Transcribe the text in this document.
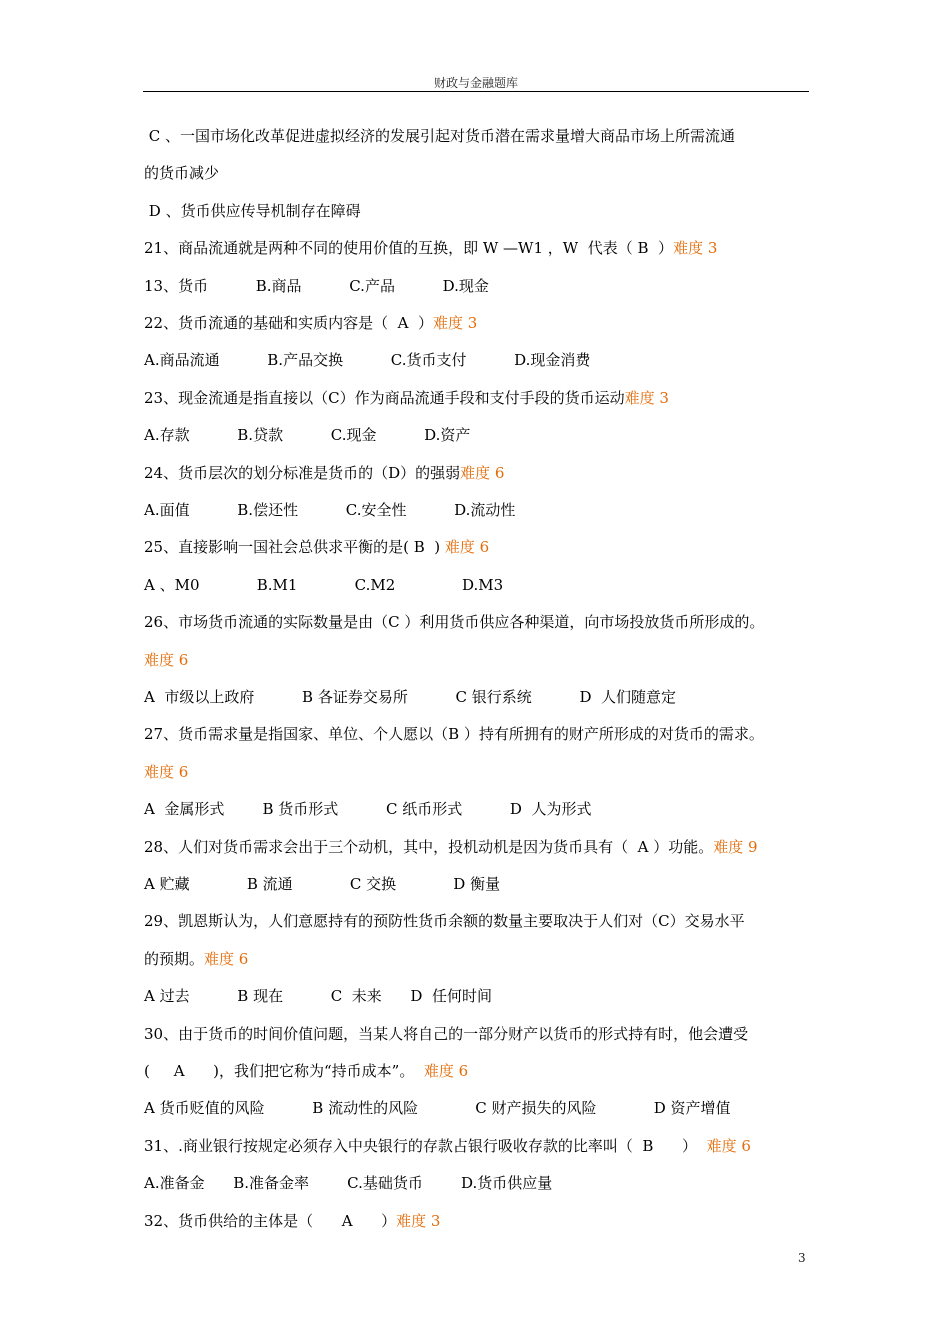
财政与金融题库
C 、一国市场化改革促进虚拟经济的发展引起对货币潜在需求量增大商品市场上所需流通
的货币减少
D 、货币供应传导机制存在障碍
21、商品流通就是两种不同的使用价值的互换，即 W —W1 ，W  代表（ B  ）难度 3
13、货币          B.商品          C.产品          D.现金
22、货币流通的基础和实质内容是（  A  ）难度 3
A.商品流通          B.产品交换          C.货币支付          D.现金消费
23、现金流通是指直接以（C）作为商品流通手段和支付手段的货币运动难度 3
A.存款          B.贷款          C.现金          D.资产
24、货币层次的划分标准是货币的（D）的强弱难度 6
A.面值          B.偿还性          C.安全性          D.流动性
25、直接影响一国社会总供求平衡的是( B  ) 难度 6
A 、M0            B.M1            C.M2              D.M3
26、市场货币流通的实际数量是由（C ）利用货币供应各种渠道，向市场投放货币所形成的。
难度 6
A  市级以上政府          B 各证券交易所          C 银行系统          D  人们随意定
27、货币需求量是指国家、单位、个人愿以（B ）持有所拥有的财产所形成的对货币的需求。
难度 6
A  金属形式        B 货币形式          C 纸币形式          D  人为形式
28、人们对货币需求会出于三个动机，其中，投机动机是因为货币具有（  A ）功能。难度 9
A 贮藏            B 流通            C 交换            D 衡量
29、凯恩斯认为，人们意愿持有的预防性货币余额的数量主要取决于人们对（C）交易水平
的预期。难度 6
A 过去          B 现在          C  未来      D  任何时间
30、由于货币的时间价值问题，当某人将自己的一部分财产以货币的形式持有时，他会遭受
(     A      )，我们把它称为“持币成本”。  难度 6
A 货币贬值的风险          B 流动性的风险            C 财产损失的风险            D 资产增值
31、.商业银行按规定必须存入中央银行的存款占银行吸收存款的比率叫（  B      ）  难度 6
A.准备金      B.准备金率        C.基础货币        D.货币供应量
32、货币供给的主体是（      A      ）难度 3
3
